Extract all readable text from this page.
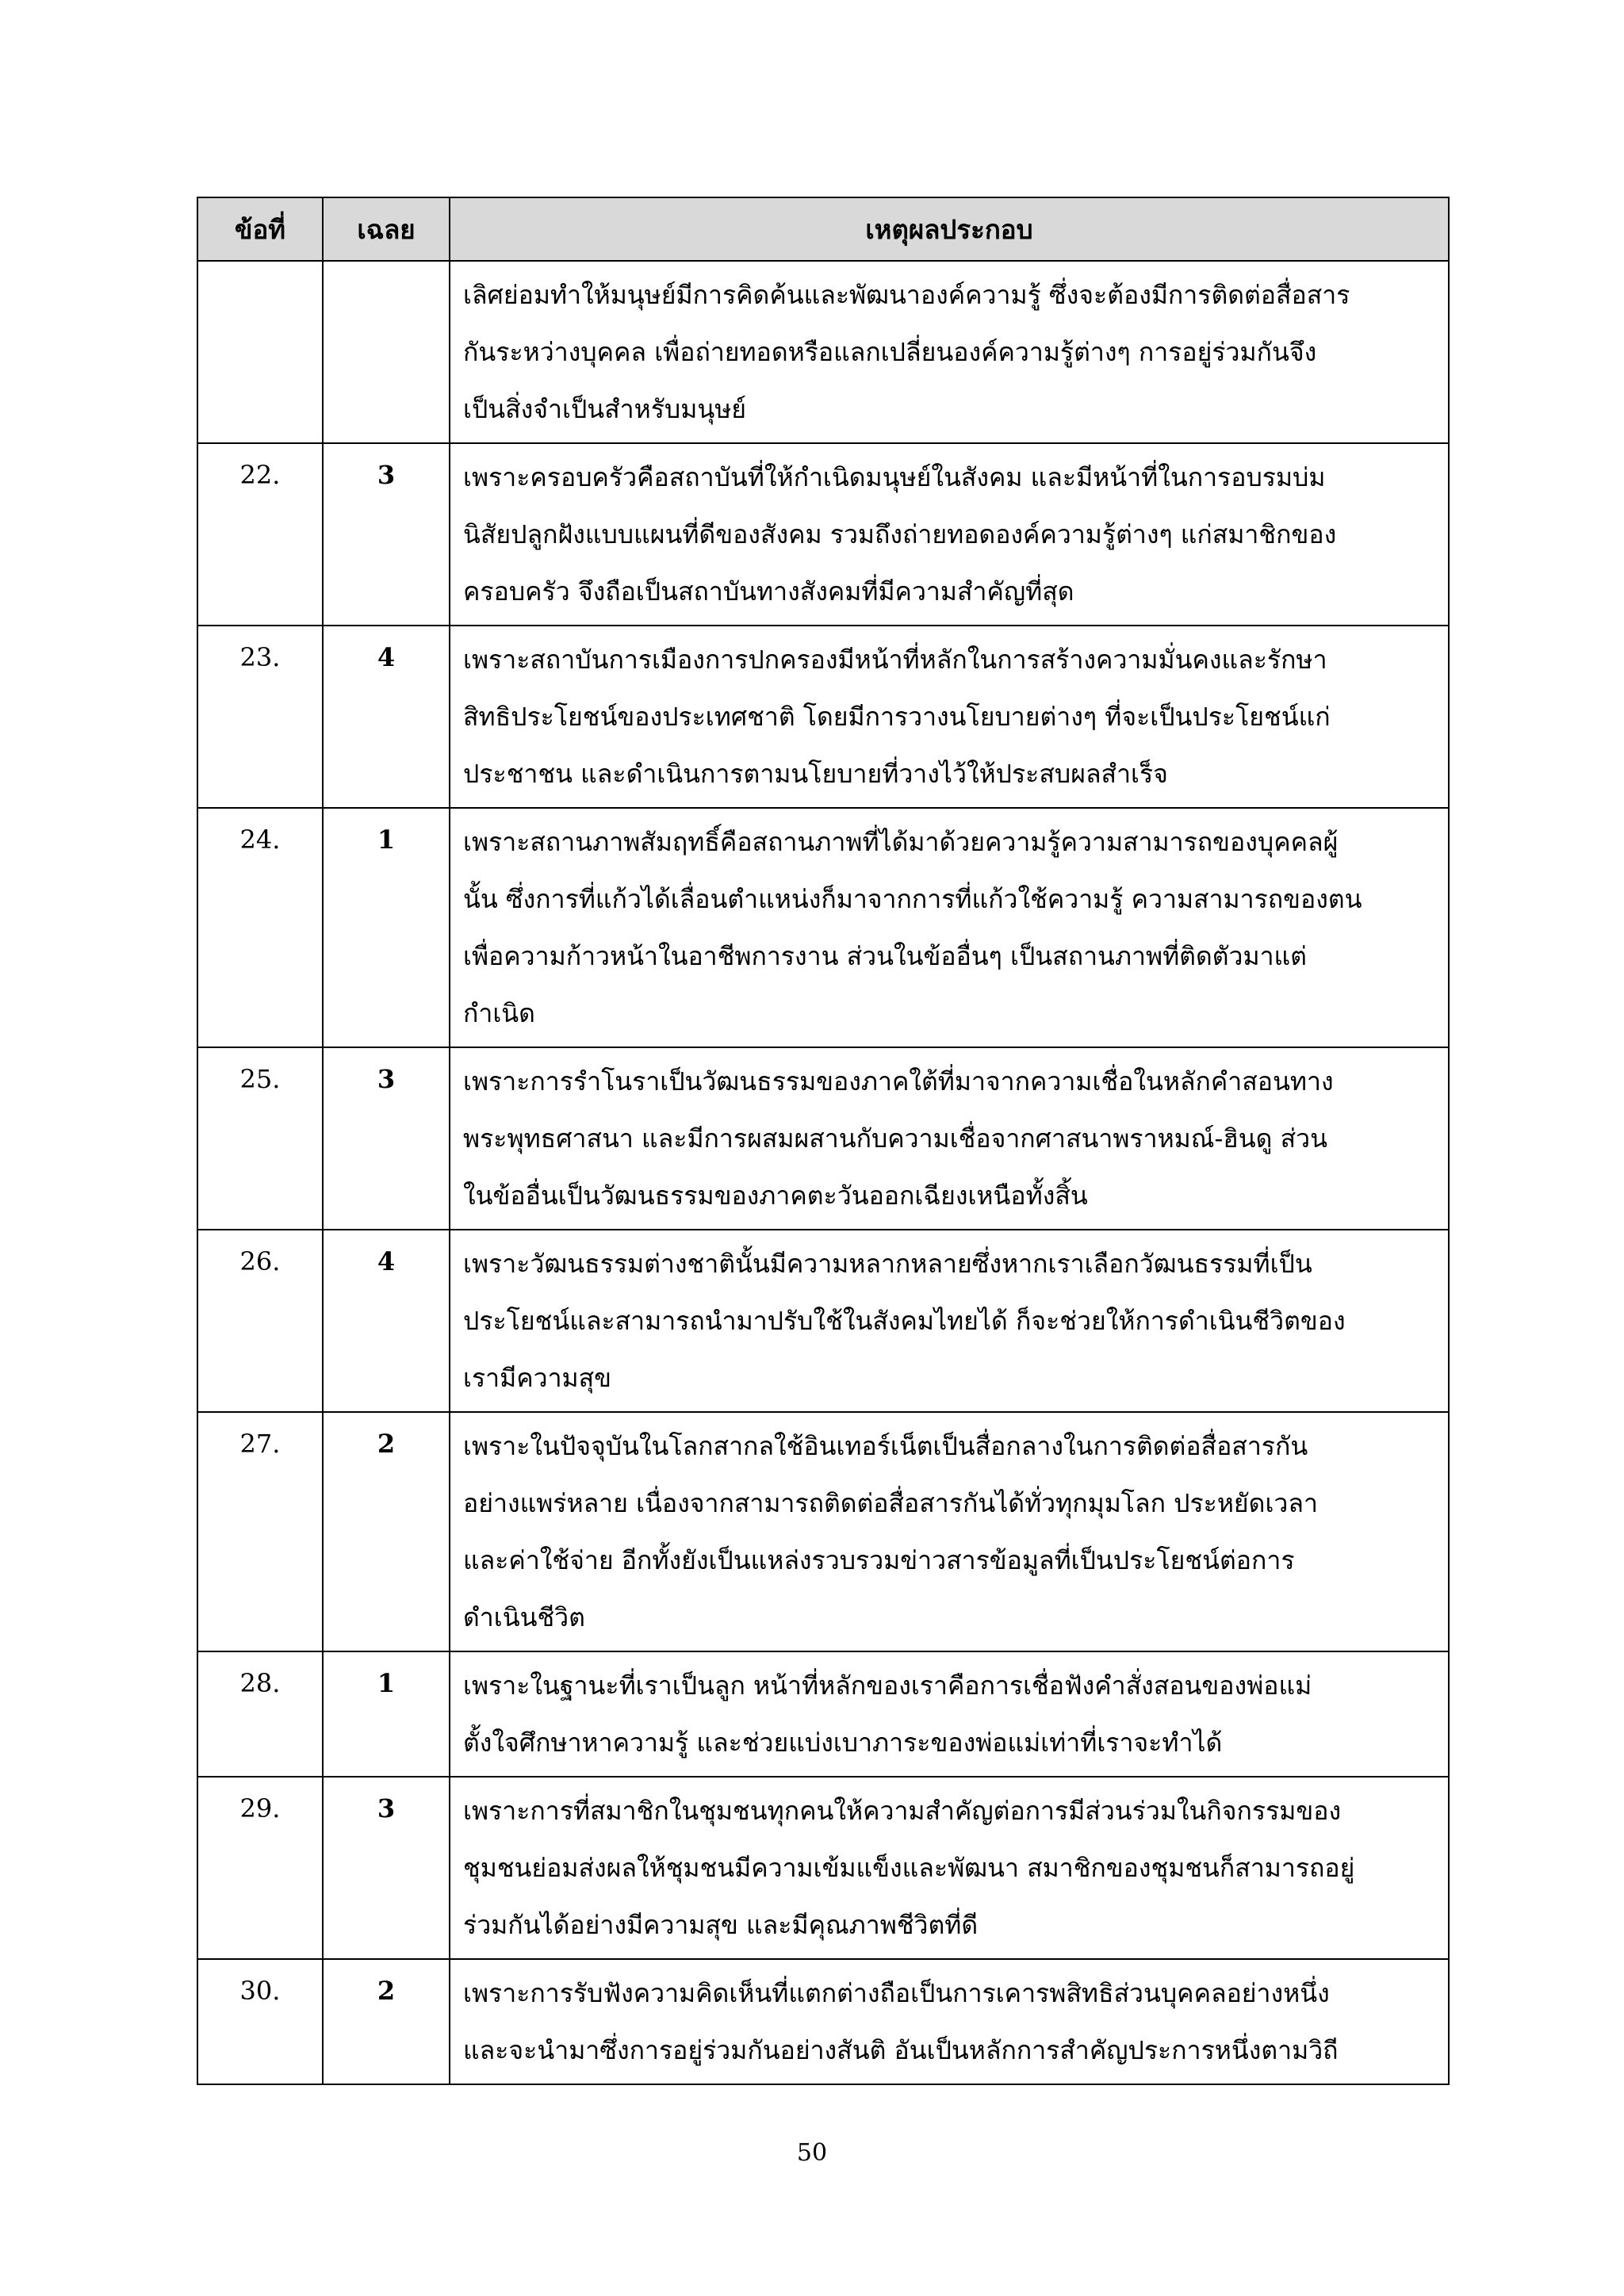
ข้อที่	เฉลย	เหตุผลประกอบ

		เลิศย่อมทำให้มนุษย์มีการคิดค้นและพัฒนาองค์ความรู้ ซึ่งจะต้องมีการติดต่อสื่อสาร
กันระหว่างบุคคล เพื่อถ่ายทอดหรือแลกเปลี่ยนองค์ความรู้ต่างๆ การอยู่ร่วมกันจึง
เป็นสิ่งจำเป็นสำหรับมนุษย์

22.	3	เพราะครอบครัวคือสถาบันที่ให้กำเนิดมนุษย์ในสังคม และมีหน้าที่ในการอบรมบ่ม
นิสัยปลูกฝังแบบแผนที่ดีของสังคม รวมถึงถ่ายทอดองค์ความรู้ต่างๆ แก่สมาชิกของ
ครอบครัว จึงถือเป็นสถาบันทางสังคมที่มีความสำคัญที่สุด

23.	4	เพราะสถาบันการเมืองการปกครองมีหน้าที่หลักในการสร้างความมั่นคงและรักษา
สิทธิประโยชน์ของประเทศชาติ โดยมีการวางนโยบายต่างๆ ที่จะเป็นประโยชน์แก่
ประชาชน และดำเนินการตามนโยบายที่วางไว้ให้ประสบผลสำเร็จ

24.	1	เพราะสถานภาพสัมฤทธิ์คือสถานภาพที่ได้มาด้วยความรู้ความสามารถของบุคคลผู้
นั้น ซึ่งการที่แก้วได้เลื่อนตำแหน่งก็มาจากการที่แก้วใช้ความรู้ ความสามารถของตน
เพื่อความก้าวหน้าในอาชีพการงาน ส่วนในข้ออื่นๆ เป็นสถานภาพที่ติดตัวมาแต่
กำเนิด

25.	3	เพราะการรำโนราเป็นวัฒนธรรมของภาคใต้ที่มาจากความเชื่อในหลักคำสอนทาง
พระพุทธศาสนา และมีการผสมผสานกับความเชื่อจากศาสนาพราหมณ์-ฮินดู ส่วน
ในข้ออื่นเป็นวัฒนธรรมของภาคตะวันออกเฉียงเหนือทั้งสิ้น

26.	4	เพราะวัฒนธรรมต่างชาตินั้นมีความหลากหลายซึ่งหากเราเลือกวัฒนธรรมที่เป็น
ประโยชน์และสามารถนำมาปรับใช้ในสังคมไทยได้ ก็จะช่วยให้การดำเนินชีวิตของ
เรามีความสุข

27.	2	เพราะในปัจจุบันในโลกสากลใช้อินเทอร์เน็ตเป็นสื่อกลางในการติดต่อสื่อสารกัน
อย่างแพร่หลาย เนื่องจากสามารถติดต่อสื่อสารกันได้ทั่วทุกมุมโลก ประหยัดเวลา
และค่าใช้จ่าย อีกทั้งยังเป็นแหล่งรวบรวมข่าวสารข้อมูลที่เป็นประโยชน์ต่อการ
ดำเนินชีวิต

28.	1	เพราะในฐานะที่เราเป็นลูก หน้าที่หลักของเราคือการเชื่อฟังคำสั่งสอนของพ่อแม่
ตั้งใจศึกษาหาความรู้ และช่วยแบ่งเบาภาระของพ่อแม่เท่าที่เราจะทำได้

29.	3	เพราะการที่สมาชิกในชุมชนทุกคนให้ความสำคัญต่อการมีส่วนร่วมในกิจกรรมของ
ชุมชนย่อมส่งผลให้ชุมชนมีความเข้มแข็งและพัฒนา สมาชิกของชุมชนก็สามารถอยู่
ร่วมกันได้อย่างมีความสุข และมีคุณภาพชีวิตที่ดี

30.	2	เพราะการรับฟังความคิดเห็นที่แตกต่างถือเป็นการเคารพสิทธิส่วนบุคคลอย่างหนึ่ง
และจะนำมาซึ่งการอยู่ร่วมกันอย่างสันติ อันเป็นหลักการสำคัญประการหนึ่งตามวิถี
50
